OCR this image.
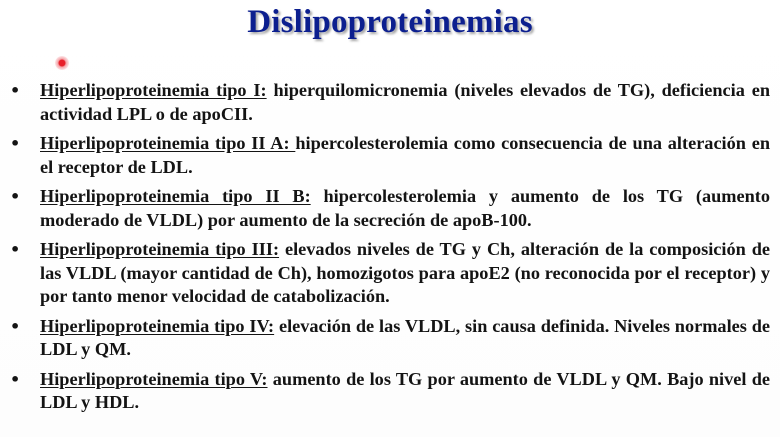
Dislipoproteinemias
• Hiperlipoproteinemia tipo I: hiperquilomicronemia (niveles elevados de TG), deficiencia en actividad LPL o de apoCII.
• Hiperlipoproteinemia tipo II A: hipercolesterolemia como consecuencia de una alteración en el receptor de LDL.
• Hiperlipoproteinemia tipo II B: hipercolesterolemia y aumento de los TG (aumento moderado de VLDL) por aumento de la secreción de apoB-100.
• Hiperlipoproteinemia tipo III: elevados niveles de TG y Ch, alteración de la composición de las VLDL (mayor cantidad de Ch), homozigotos para apoE2 (no reconocida por el receptor) y por tanto menor velocidad de catabolización.
• Hiperlipoproteinemia tipo IV: elevación de las VLDL, sin causa definida. Niveles normales de LDL y QM.
• Hiperlipoproteinemia tipo V: aumento de los TG por aumento de VLDL y QM. Bajo nivel de LDL y HDL.
